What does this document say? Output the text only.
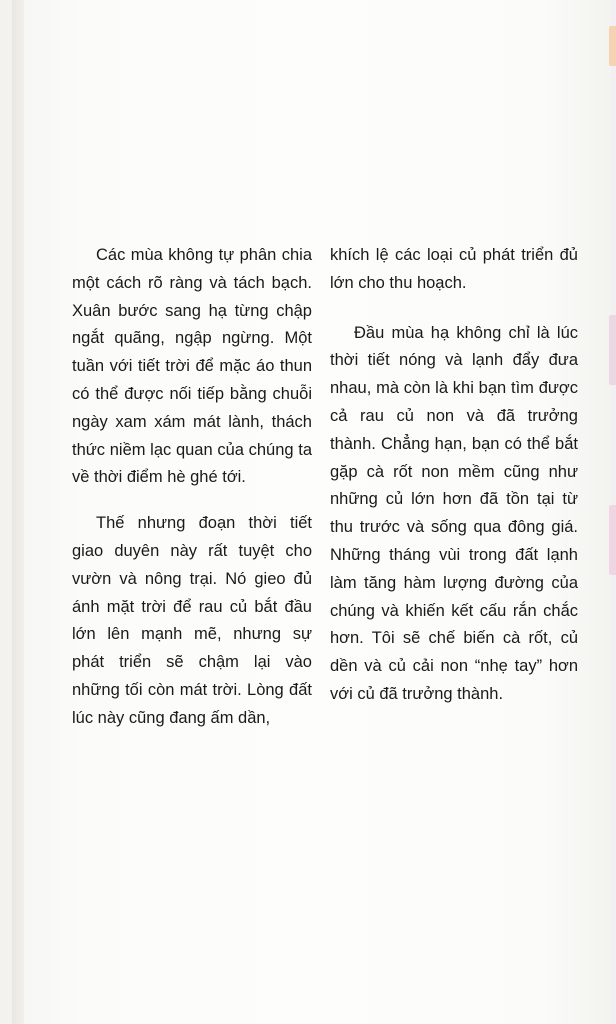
Các mùa không tự phân chia một cách rõ ràng và tách bạch. Xuân bước sang hạ từng chập ngắt quãng, ngập ngừng. Một tuần với tiết trời để mặc áo thun có thể được nối tiếp bằng chuỗi ngày xam xám mát lành, thách thức niềm lạc quan của chúng ta về thời điểm hè ghé tới.

Thế nhưng đoạn thời tiết giao duyên này rất tuyệt cho vườn và nông trại. Nó gieo đủ ánh mặt trời để rau củ bắt đầu lớn lên mạnh mẽ, nhưng sự phát triển sẽ chậm lại vào những tối còn mát trời. Lòng đất lúc này cũng đang ấm dần,

khích lệ các loại củ phát triển đủ lớn cho thu hoạch.

Đầu mùa hạ không chỉ là lúc thời tiết nóng và lạnh đẩy đưa nhau, mà còn là khi bạn tìm được cả rau củ non và đã trưởng thành. Chẳng hạn, bạn có thể bắt gặp cà rốt non mềm cũng như những củ lớn hơn đã tồn tại từ thu trước và sống qua đông giá. Những tháng vùi trong đất lạnh làm tăng hàm lượng đường của chúng và khiến kết cấu rắn chắc hơn. Tôi sẽ chế biến cà rốt, củ dền và củ cải non “nhẹ tay” hơn với củ đã trưởng thành.
